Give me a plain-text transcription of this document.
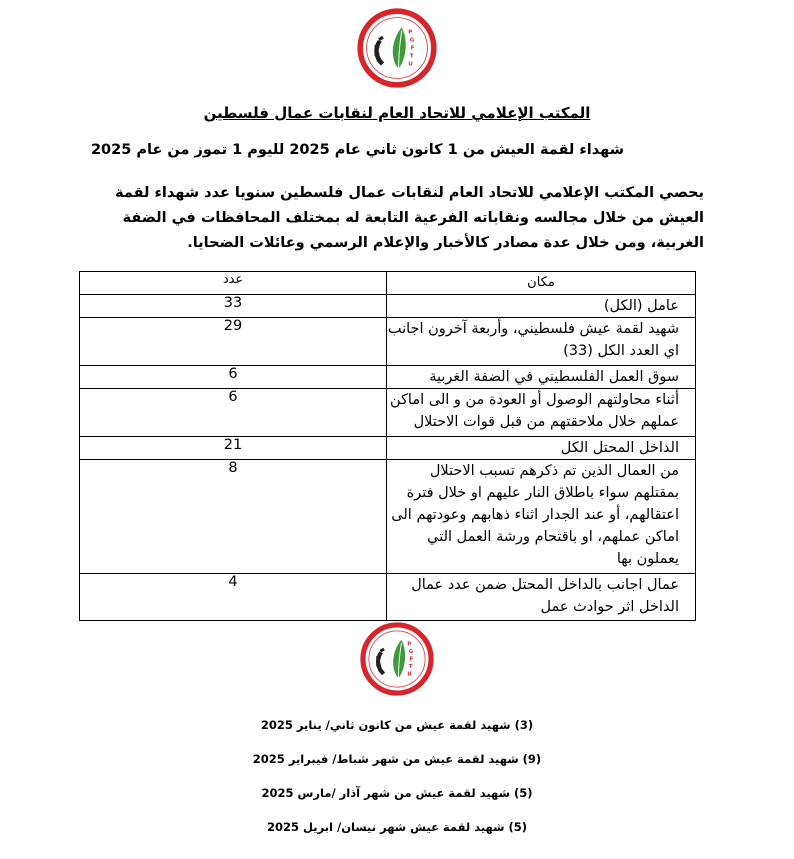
P
G
F
T
U
المكتب الإعلامي للاتحاد العام لنقابات عمال فلسطين
شهداء لقمة العيش من 1 كانون ثاني عام 2025 لليوم 1 تموز من عام 2025
يحصي المكتب الإعلامي للاتحاد العام لنقابات عمال فلسطين سنويا عدد شهداء لقمة العيش من خلال مجالسه ونقاباته الفرعية التابعة له بمختلف المحافظات في الضفة الغربية، ومن خلال عدة مصادر كالأخبار والإعلام الرسمي وعائلات الضحايا.
عدد	مكان
33	عامل (الكل)
29	شهيد لقمة عيش فلسطيني، وأربعة آخرون اجانب اي العدد الكل (33)
6	سوق العمل الفلسطيني في الضفة الغربية
6	أثناء محاولتهم الوصول أو العودة من و الى اماكن عملهم خلال ملاحقتهم من قبل قوات الاحتلال
21	الداخل المحتل الكل
8	من العمال الذين تم ذكرهم تسبب الاحتلال بمقتلهم سواء باطلاق النار عليهم او خلال فترة اعتقالهم، أو عند الجدار اثناء ذهابهم وعودتهم الى اماكن عملهم، او باقتحام ورشة العمل التي يعملون بها
4	عمال اجانب بالداخل المحتل ضمن عدد عمال الداخل اثر حوادث عمل
P
G
F
T
U
(3) شهيد لقمة عيش من كانون ثاني/ يناير 2025
(9) شهيد لقمة عيش من شهر شباط/ فيبراير 2025
(5) شهيد لقمة عيش من شهر آذار /مارس 2025
(5) شهيد لقمة عيش شهر نيسان/ ابريل 2025
